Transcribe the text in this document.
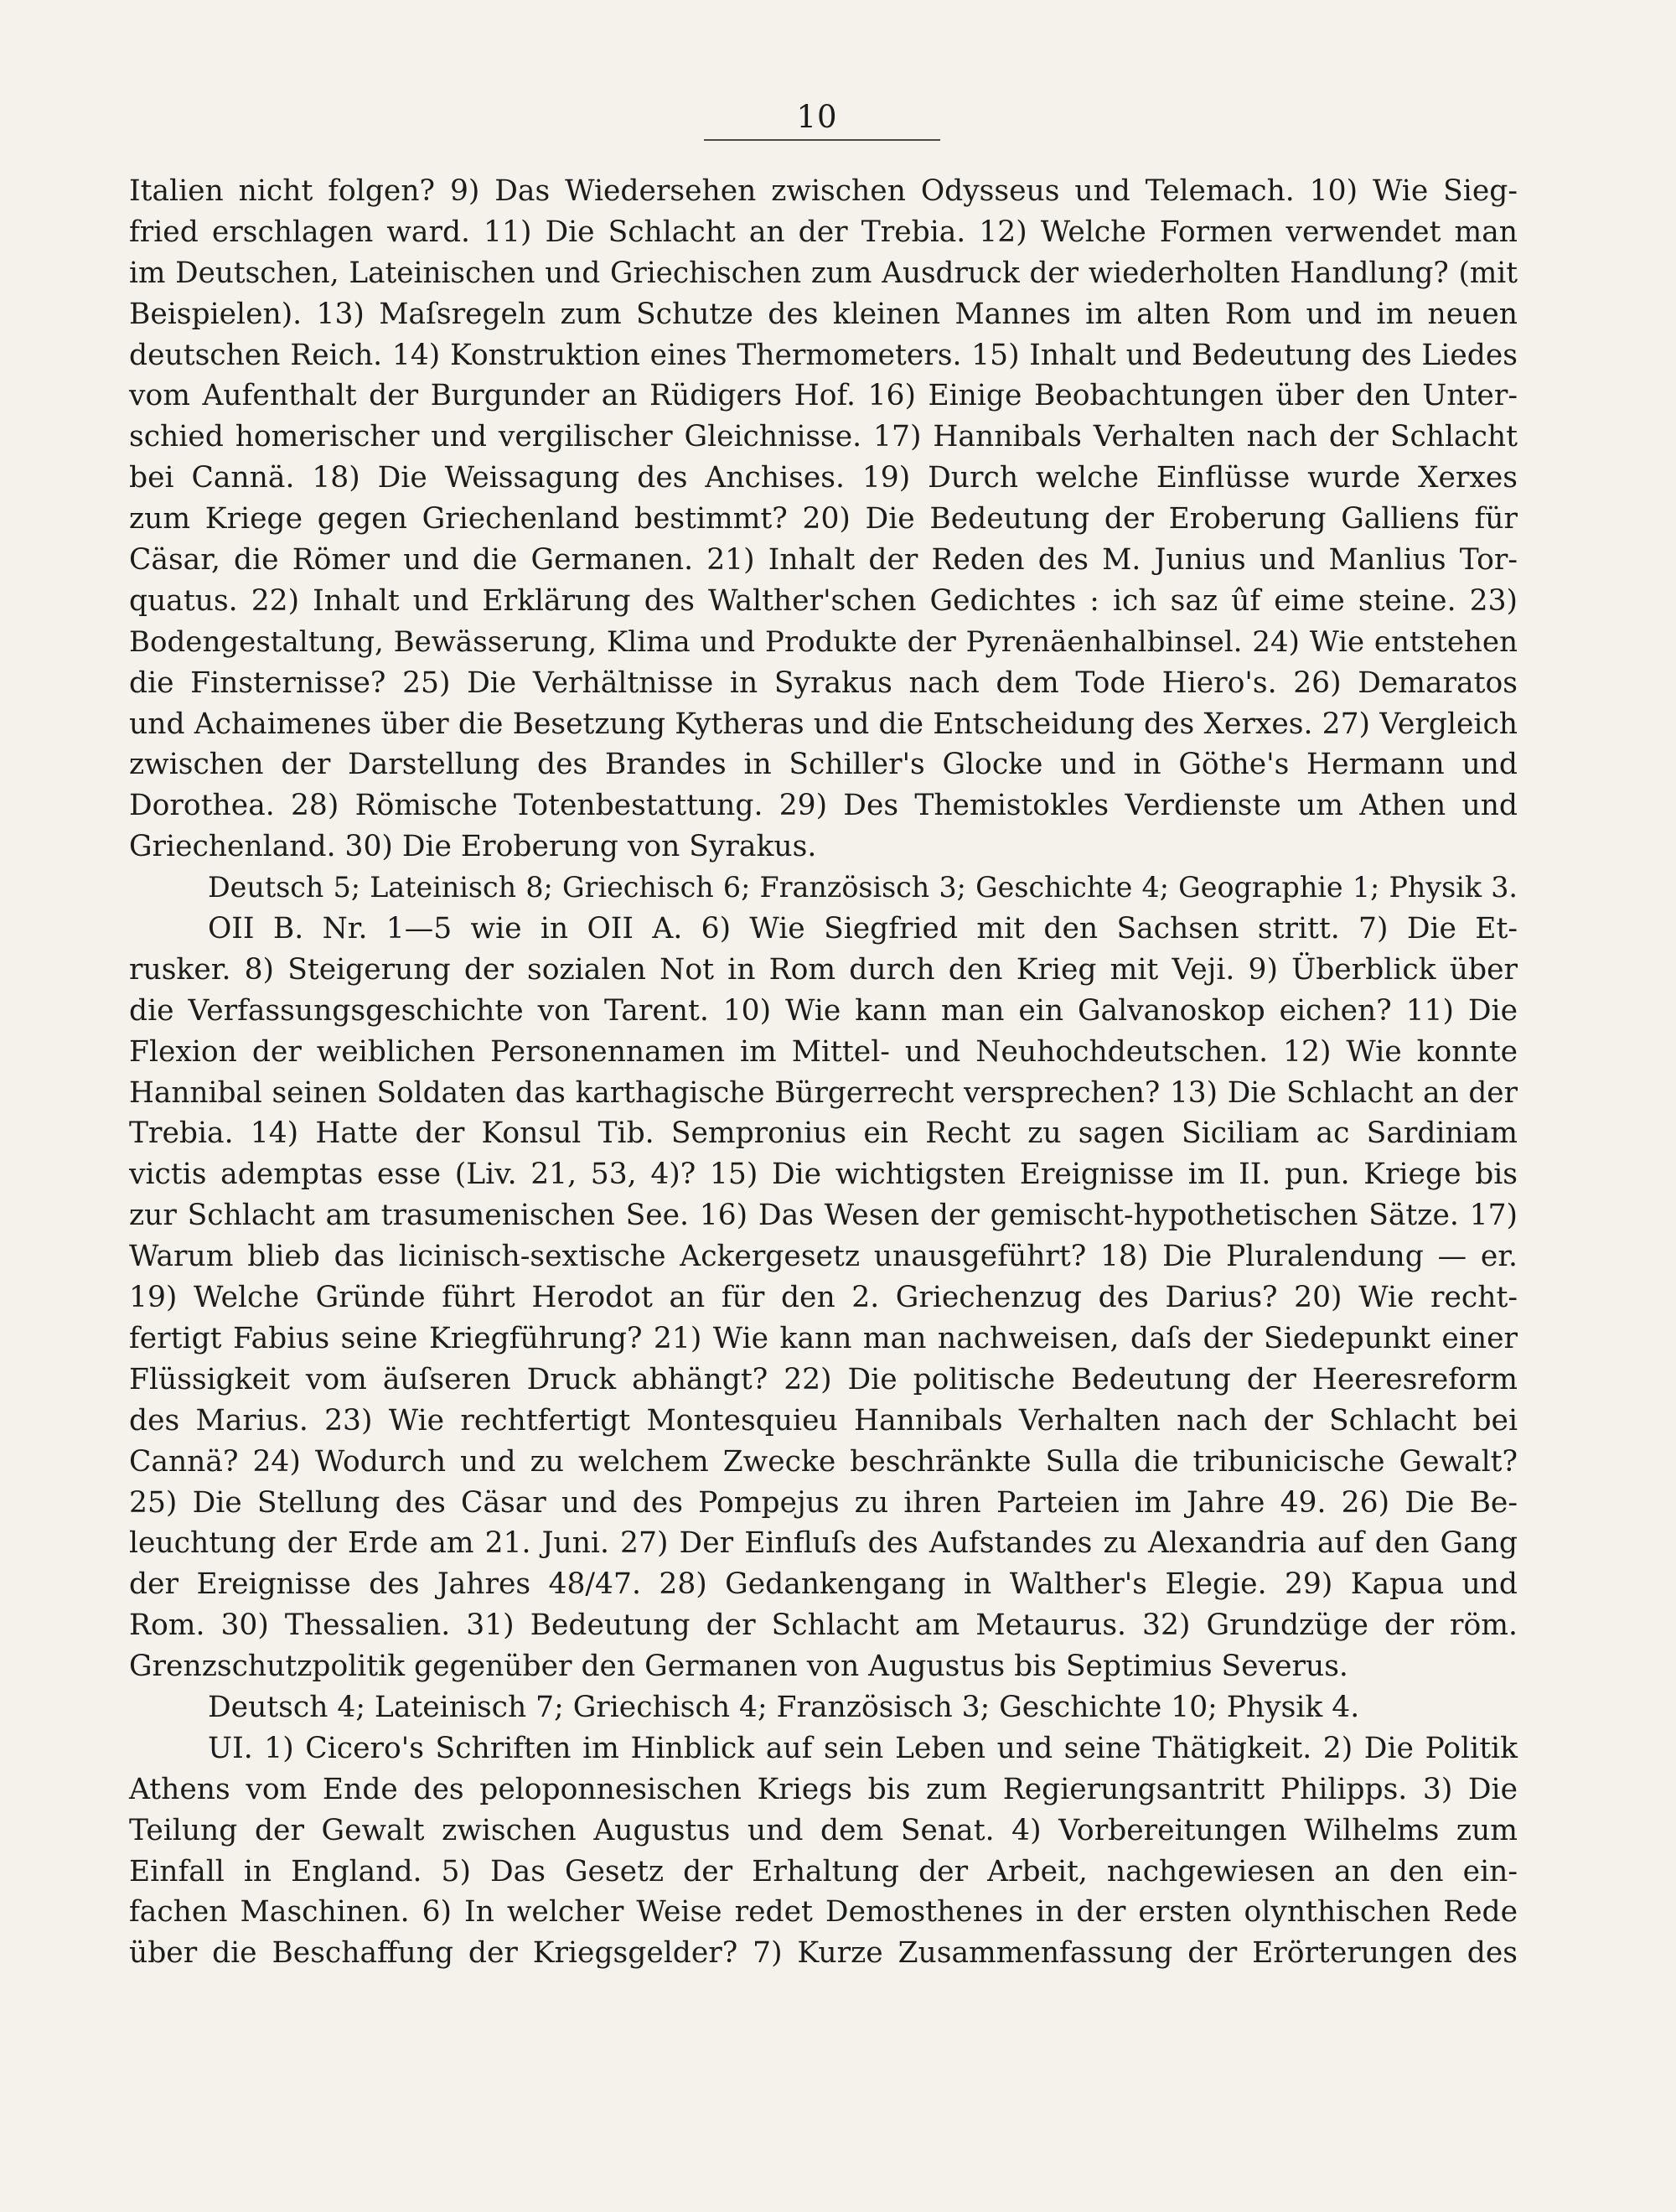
10
Italien nicht folgen? 9) Das Wiedersehen zwischen Odysseus und Telemach. 10) Wie Sieg-
fried erschlagen ward. 11) Die Schlacht an der Trebia. 12) Welche Formen verwendet man
im Deutschen, Lateinischen und Griechischen zum Ausdruck der wiederholten Handlung? (mit
Beispielen). 13) Maſsregeln zum Schutze des kleinen Mannes im alten Rom und im neuen
deutschen Reich. 14) Konstruktion eines Thermometers. 15) Inhalt und Bedeutung des Liedes
vom Aufenthalt der Burgunder an Rüdigers Hof. 16) Einige Beobachtungen über den Unter-
schied homerischer und vergilischer Gleichnisse. 17) Hannibals Verhalten nach der Schlacht
bei Cannä. 18) Die Weissagung des Anchises. 19) Durch welche Einflüsse wurde Xerxes
zum Kriege gegen Griechenland bestimmt? 20) Die Bedeutung der Eroberung Galliens für
Cäsar, die Römer und die Germanen. 21) Inhalt der Reden des M. Junius und Manlius Tor-
quatus. 22) Inhalt und Erklärung des Walther'schen Gedichtes : ich saz ûf eime steine. 23)
Bodengestaltung, Bewässerung, Klima und Produkte der Pyrenäenhalbinsel. 24) Wie entstehen
die Finsternisse? 25) Die Verhältnisse in Syrakus nach dem Tode Hiero's. 26) Demaratos
und Achaimenes über die Besetzung Kytheras und die Entscheidung des Xerxes. 27) Vergleich
zwischen der Darstellung des Brandes in Schiller's Glocke und in Göthe's Hermann und
Dorothea. 28) Römische Totenbestattung. 29) Des Themistokles Verdienste um Athen und
Griechenland. 30) Die Eroberung von Syrakus.
Deutsch 5; Lateinisch 8; Griechisch 6; Französisch 3; Geschichte 4; Geographie 1; Physik 3.
OII B. Nr. 1—5 wie in OII A. 6) Wie Siegfried mit den Sachsen stritt. 7) Die Et-
rusker. 8) Steigerung der sozialen Not in Rom durch den Krieg mit Veji. 9) Überblick über
die Verfassungsgeschichte von Tarent. 10) Wie kann man ein Galvanoskop eichen? 11) Die
Flexion der weiblichen Personennamen im Mittel- und Neuhochdeutschen. 12) Wie konnte
Hannibal seinen Soldaten das karthagische Bürgerrecht versprechen? 13) Die Schlacht an der
Trebia. 14) Hatte der Konsul Tib. Sempronius ein Recht zu sagen Siciliam ac Sardiniam
victis ademptas esse (Liv. 21, 53, 4)? 15) Die wichtigsten Ereignisse im II. pun. Kriege bis
zur Schlacht am trasumenischen See. 16) Das Wesen der gemischt-hypothetischen Sätze. 17)
Warum blieb das licinisch-sextische Ackergesetz unausgeführt? 18) Die Pluralendung — er.
19) Welche Gründe führt Herodot an für den 2. Griechenzug des Darius? 20) Wie recht-
fertigt Fabius seine Kriegführung? 21) Wie kann man nachweisen, daſs der Siedepunkt einer
Flüssigkeit vom äuſseren Druck abhängt? 22) Die politische Bedeutung der Heeresreform
des Marius. 23) Wie rechtfertigt Montesquieu Hannibals Verhalten nach der Schlacht bei
Cannä? 24) Wodurch und zu welchem Zwecke beschränkte Sulla die tribunicische Gewalt?
25) Die Stellung des Cäsar und des Pompejus zu ihren Parteien im Jahre 49. 26) Die Be-
leuchtung der Erde am 21. Juni. 27) Der Einfluſs des Aufstandes zu Alexandria auf den Gang
der Ereignisse des Jahres 48/47. 28) Gedankengang in Walther's Elegie. 29) Kapua und
Rom. 30) Thessalien. 31) Bedeutung der Schlacht am Metaurus. 32) Grundzüge der röm.
Grenzschutzpolitik gegenüber den Germanen von Augustus bis Septimius Severus.
Deutsch 4; Lateinisch 7; Griechisch 4; Französisch 3; Geschichte 10; Physik 4.
UI. 1) Cicero's Schriften im Hinblick auf sein Leben und seine Thätigkeit. 2) Die Politik
Athens vom Ende des peloponnesischen Kriegs bis zum Regierungsantritt Philipps. 3) Die
Teilung der Gewalt zwischen Augustus und dem Senat. 4) Vorbereitungen Wilhelms zum
Einfall in England. 5) Das Gesetz der Erhaltung der Arbeit, nachgewiesen an den ein-
fachen Maschinen. 6) In welcher Weise redet Demosthenes in der ersten olynthischen Rede
über die Beschaffung der Kriegsgelder? 7) Kurze Zusammenfassung der Erörterungen des
